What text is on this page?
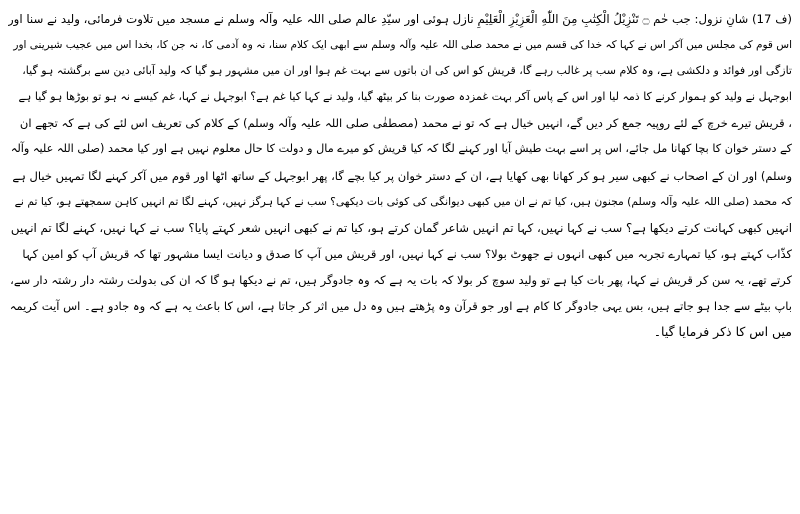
(ف 17) شانِ نزول: جب حٰم ۝ تَنْزِيْلُ الْكِتٰبِ مِنَ اللّٰهِ الْعَزِيْزِ الْعَلِيْمِ نازل ہوئی اور سیّدِ عالم صلی اللہ علیہ وآلہ وسلم نے مسجد میں تلاوت فرمائی، ولید نے سنا اور
اس قوم کی مجلس میں آکر اس نے کہا کہ خدا کی قسم میں نے محمد صلی اللہ علیہ وآلہ وسلم سے ابھی ایک کلام سنا، نہ وہ آدمی کا، نہ جن کا، بخدا اس میں عجیب شیرینی اور
تازگی اور فوائد و دلکشی ہے، وہ کلام سب پر غالب رہے گا، قریش کو اس کی ان باتوں سے بہت غم ہوا اور ان میں مشہور ہو گیا کہ ولید آبائی دین سے برگشتہ ہو گیا،
ابوجہل نے ولید کو ہموار کرنے کا ذمہ لیا اور اس کے پاس آکر بہت غمزدہ صورت بنا کر بیٹھ گیا، ولید نے کہا کیا غم ہے؟ ابوجہل نے کہا، غم کیسے نہ ہو تو بوڑھا ہو گیا ہے
، قریش تیرے خرچ کے لئے روپیہ جمع کر دیں گے، انہیں خیال ہے کہ تو نے محمد (مصطفٰی صلی اللہ علیہ وآلہ وسلم) کے کلام کی تعریف اس لئے کی ہے کہ تجھے ان
کے دستر خوان کا بچا کھانا مل جائے، اس پر اسے بہت طیش آیا اور کہنے لگا کہ کیا قریش کو میرے مال و دولت کا حال معلوم نہیں ہے اور کیا محمد (صلی اللہ علیہ وآلہ
وسلم) اور ان کے اصحاب نے کبھی سیر ہو کر کھانا بھی کھایا ہے، ان کے دستر خوان پر کیا بچے گا، پھر ابوجہل کے ساتھ اٹھا اور قوم میں آکر کہنے لگا تمہیں خیال ہے
کہ محمد (صلی اللہ علیہ وآلہ وسلم) مجنون ہیں، کیا تم نے ان میں کبھی دیوانگی کی کوئی بات دیکھی؟ سب نے کہا ہرگز نہیں، کہنے لگا تم انہیں کاہن سمجھتے ہو، کیا تم نے
انہیں کبھی کہانت کرتے دیکھا ہے؟ سب نے کہا نہیں، کہا تم انہیں شاعر گمان کرتے ہو، کیا تم نے کبھی انہیں شعر کہتے پایا؟ سب نے کہا نہیں، کہنے لگا تم انہیں
کذّاب کہتے ہو، کیا تمہارے تجربہ میں کبھی انہوں نے جھوٹ بولا؟ سب نے کہا نہیں، اور قریش میں آپ کا صدق و دیانت ایسا مشہور تھا کہ قریش آپ کو امین کہا
کرتے تھے، یہ سن کر قریش نے کہا، پھر بات کیا ہے تو ولید سوچ کر بولا کہ بات یہ ہے کہ وہ جادوگر ہیں، تم نے دیکھا ہو گا کہ ان کی بدولت رشتہ دار رشتہ دار سے،
باپ بیٹے سے جدا ہو جاتے ہیں، بس یہی جادوگر کا کام ہے اور جو قرآن وہ پڑھتے ہیں وہ دل میں اثر کر جاتا ہے، اس کا باعث یہ ہے کہ وہ جادو ہے۔ اس آیت کریمہ
میں اس کا ذکر فرمایا گیا۔
